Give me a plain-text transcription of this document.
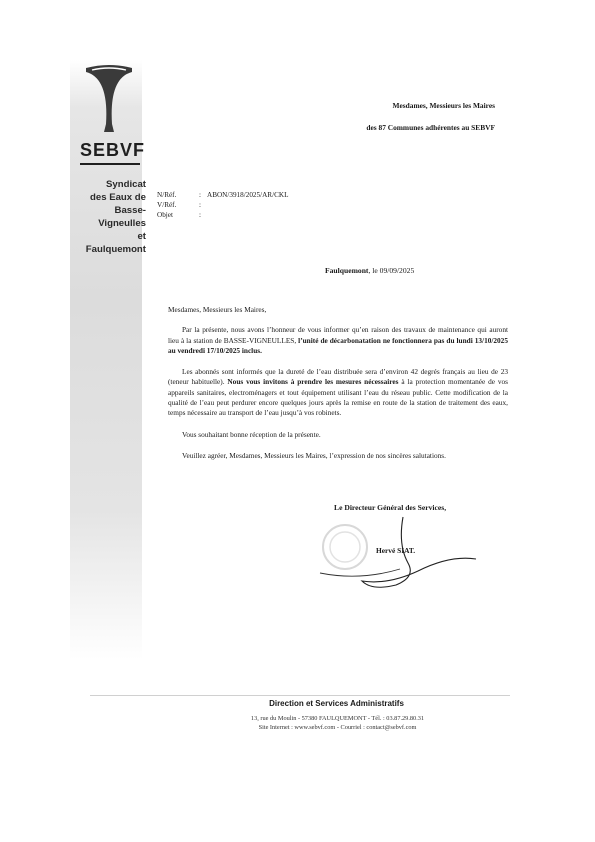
SEBVF
Syndicat
des Eaux de
Basse-Vigneulles
et Faulquemont
Mesdames, Messieurs les Maires
des 87 Communes adhérentes au SEBVF
N/Réf.	: ABON/3918/2025/AR/CKL
V/Réf.	:
Objet	:
Faulquemont, le 09/09/2025

Mesdames, Messieurs les Maires,

Par la présente, nous avons l’honneur de vous informer qu’en raison des travaux de maintenance qui auront lieu à la station de BASSE-VIGNEULLES, l’unité de décarbonatation ne fonctionnera pas du lundi 13/10/2025 au vendredi 17/10/2025 inclus.

Les abonnés sont informés que la dureté de l’eau distribuée sera d’environ 42 degrés français au lieu de 23 (teneur habituelle). Nous vous invitons à prendre les mesures nécessaires à la protection momentanée de vos appareils sanitaires, electroménagers et tout équipement utilisant l’eau du réseau public. Cette modification de la qualité de l’eau peut perdurer encore quelques jours après la remise en route de la station de traitement des eaux, temps nécessaire au transport de l’eau jusqu’à vos robinets.

Vous souhaitant bonne réception de la présente.

Veuillez agréer, Mesdames, Messieurs les Maires, l’expression de nos sincères salutations.

Le Directeur Général des Services,
Hervé SIAT.
Direction et Services Administratifs
13, rue du Moulin - 57380 FAULQUEMONT - Tél. : 03.87.29.80.31
Site Internet : www.sebvf.com - Courriel : contact@sebvf.com
